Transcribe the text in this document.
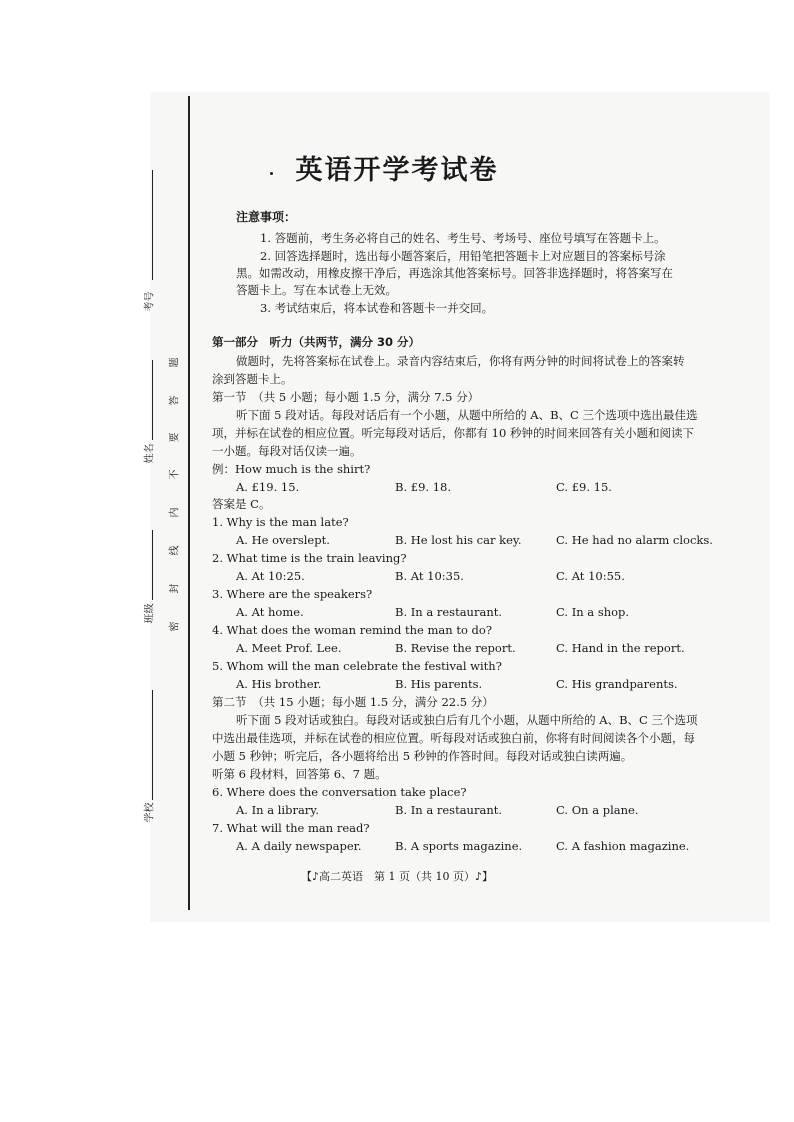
考号
姓名
班级
学校
题
答
要
不
内
线
封
密
英语开学考试卷
注意事项：
1. 答题前，考生务必将自己的姓名、考生号、考场号、座位号填写在答题卡上。
2. 回答选择题时，选出每小题答案后，用铅笔把答题卡上对应题目的答案标号涂
黑。如需改动，用橡皮擦干净后，再选涂其他答案标号。回答非选择题时，将答案写在
答题卡上。写在本试卷上无效。
3. 考试结束后，将本试卷和答题卡一并交回。
第一部分　听力（共两节，满分 30 分）
做题时，先将答案标在试卷上。录音内容结束后，你将有两分钟的时间将试卷上的答案转
涂到答题卡上。
第一节　（共 5 小题；每小题 1.5 分，满分 7.5 分）
听下面 5 段对话。每段对话后有一个小题，从题中所给的 A、B、C 三个选项中选出最佳选
项，并标在试卷的相应位置。听完每段对话后，你都有 10 秒钟的时间来回答有关小题和阅读下
一小题。每段对话仅读一遍。
例：How much is the shirt?
A. £19. 15.	B. £9. 18.	C. £9. 15.
答案是 C。
1. Why is the man late?
A. He overslept.	B. He lost his car key.	C. He had no alarm clocks.
2. What time is the train leaving?
A. At 10:25.	B. At 10:35.	C. At 10:55.
3. Where are the speakers?
A. At home.	B. In a restaurant.	C. In a shop.
4. What does the woman remind the man to do?
A. Meet Prof. Lee.	B. Revise the report.	C. Hand in the report.
5. Whom will the man celebrate the festival with?
A. His brother.	B. His parents.	C. His grandparents.
第二节　（共 15 小题；每小题 1.5 分，满分 22.5 分）
听下面 5 段对话或独白。每段对话或独白后有几个小题，从题中所给的 A、B、C 三个选项
中选出最佳选项，并标在试卷的相应位置。听每段对话或独白前，你将有时间阅读各个小题，每
小题 5 秒钟；听完后，各小题将给出 5 秒钟的作答时间。每段对话或独白读两遍。
听第 6 段材料，回答第 6、7 题。
6. Where does the conversation take place?
A. In a library.	B. In a restaurant.	C. On a plane.
7. What will the man read?
A. A daily newspaper.	B. A sports magazine.	C. A fashion magazine.
【♪高二英语　第 1 页（共 10 页）♪】
